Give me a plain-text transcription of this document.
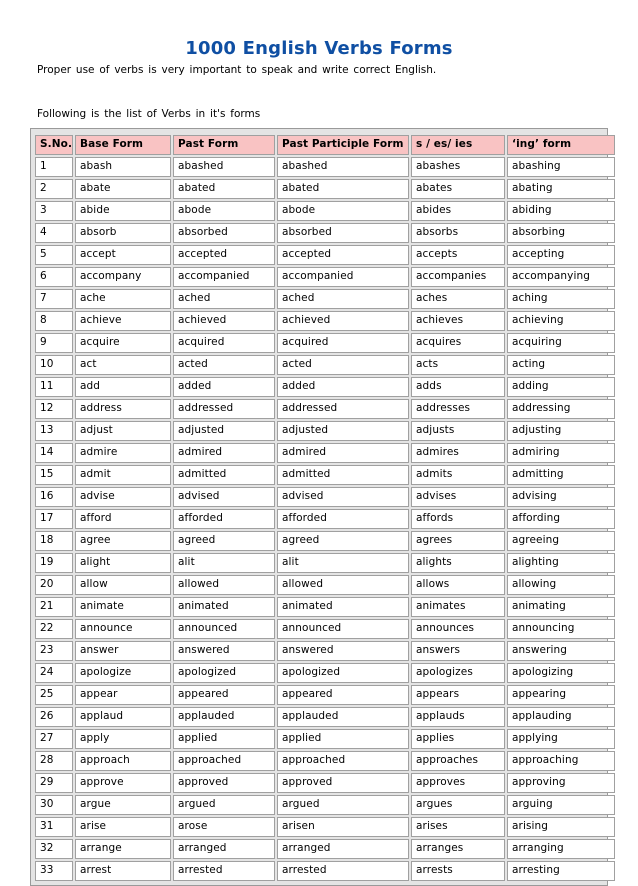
1000 English Verbs Forms
Proper use of verbs is very important to speak and write correct English.
Following is the list of Verbs in it's forms
S.No.	Base Form	Past Form	Past Participle Form	s / es/ ies	‘ing’ form
1	abash	abashed	abashed	abashes	abashing
2	abate	abated	abated	abates	abating
3	abide	abode	abode	abides	abiding
4	absorb	absorbed	absorbed	absorbs	absorbing
5	accept	accepted	accepted	accepts	accepting
6	accompany	accompanied	accompanied	accompanies	accompanying
7	ache	ached	ached	aches	aching
8	achieve	achieved	achieved	achieves	achieving
9	acquire	acquired	acquired	acquires	acquiring
10	act	acted	acted	acts	acting
11	add	added	added	adds	adding
12	address	addressed	addressed	addresses	addressing
13	adjust	adjusted	adjusted	adjusts	adjusting
14	admire	admired	admired	admires	admiring
15	admit	admitted	admitted	admits	admitting
16	advise	advised	advised	advises	advising
17	afford	afforded	afforded	affords	affording
18	agree	agreed	agreed	agrees	agreeing
19	alight	alit	alit	alights	alighting
20	allow	allowed	allowed	allows	allowing
21	animate	animated	animated	animates	animating
22	announce	announced	announced	announces	announcing
23	answer	answered	answered	answers	answering
24	apologize	apologized	apologized	apologizes	apologizing
25	appear	appeared	appeared	appears	appearing
26	applaud	applauded	applauded	applauds	applauding
27	apply	applied	applied	applies	applying
28	approach	approached	approached	approaches	approaching
29	approve	approved	approved	approves	approving
30	argue	argued	argued	argues	arguing
31	arise	arose	arisen	arises	arising
32	arrange	arranged	arranged	arranges	arranging
33	arrest	arrested	arrested	arrests	arresting
